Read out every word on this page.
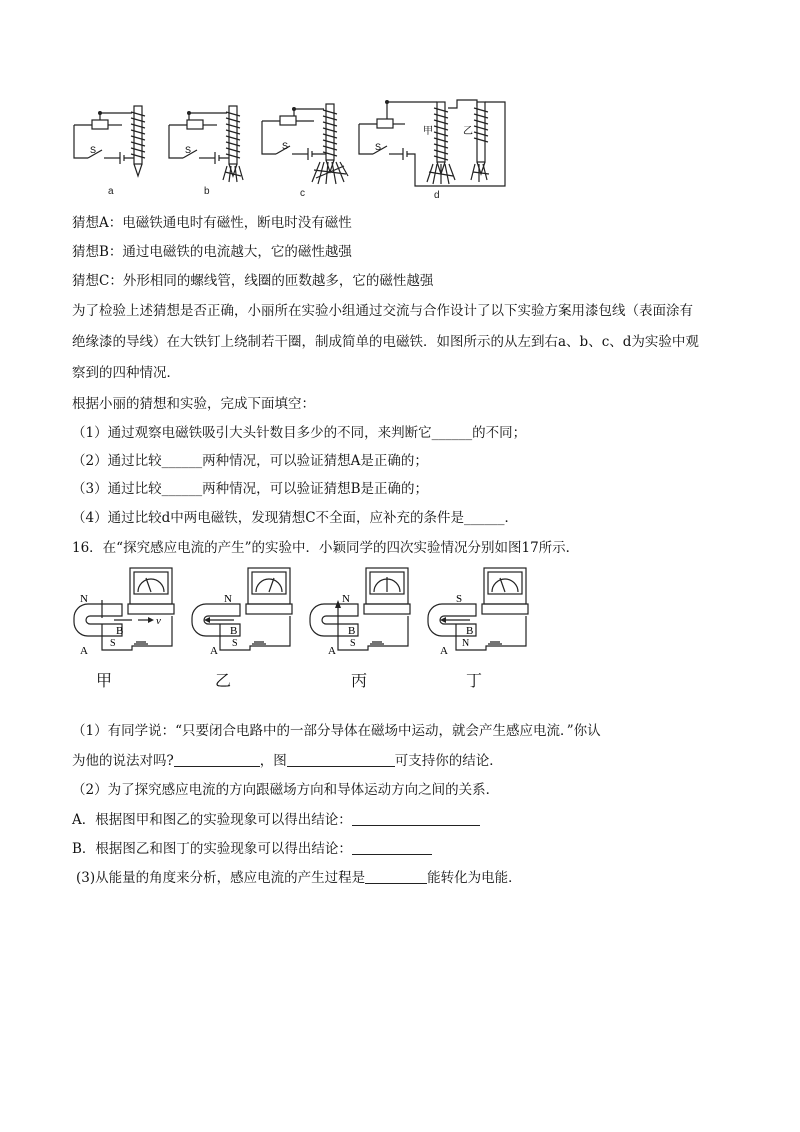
S	S	S	S
甲	乙
a	b	c	d
猜想A：电磁铁通电时有磁性，断电时没有磁性
猜想B：通过电磁铁的电流越大，它的磁性越强
猜想C：外形相同的螺线管，线圈的匝数越多，它的磁性越强
为了检验上述猜想是否正确，小丽所在实验小组通过交流与合作设计了以下实验方案用漆包线（表面涂有
绝缘漆的导线）在大铁钉上绕制若干圈，制成简单的电磁铁．如图所示的从左到右a、b、c、d为实验中观
察到的四种情况．
根据小丽的猜想和实验，完成下面填空：
（1）通过观察电磁铁吸引大头针数目多少的不同，来判断它______的不同；
（2）通过比较______两种情况，可以验证猜想A是正确的；
（3）通过比较______两种情况，可以验证猜想B是正确的；
（4）通过比较d中两电磁铁，发现猜想C不全面，应补充的条件是______．
16．在“探究感应电流的产生”的实验中．小颖同学的四次实验情况分别如图17所示．
N
B
v
A
S
N
B
A
S
N
B
A
S
S
B
A
N
甲	乙	丙	丁
（1）有同学说：“只要闭合电路中的一部分导体在磁场中运动，就会产生感应电流．”你认
为他的说法对吗?	，图	可支持你的结论．
（2）为了探究感应电流的方向跟磁场方向和导体运动方向之间的关系．
A．根据图甲和图乙的实验现象可以得出结论：
B．根据图乙和图丁的实验现象可以得出结论：
(3)从能量的角度来分析，感应电流的产生过程是	能转化为电能．
